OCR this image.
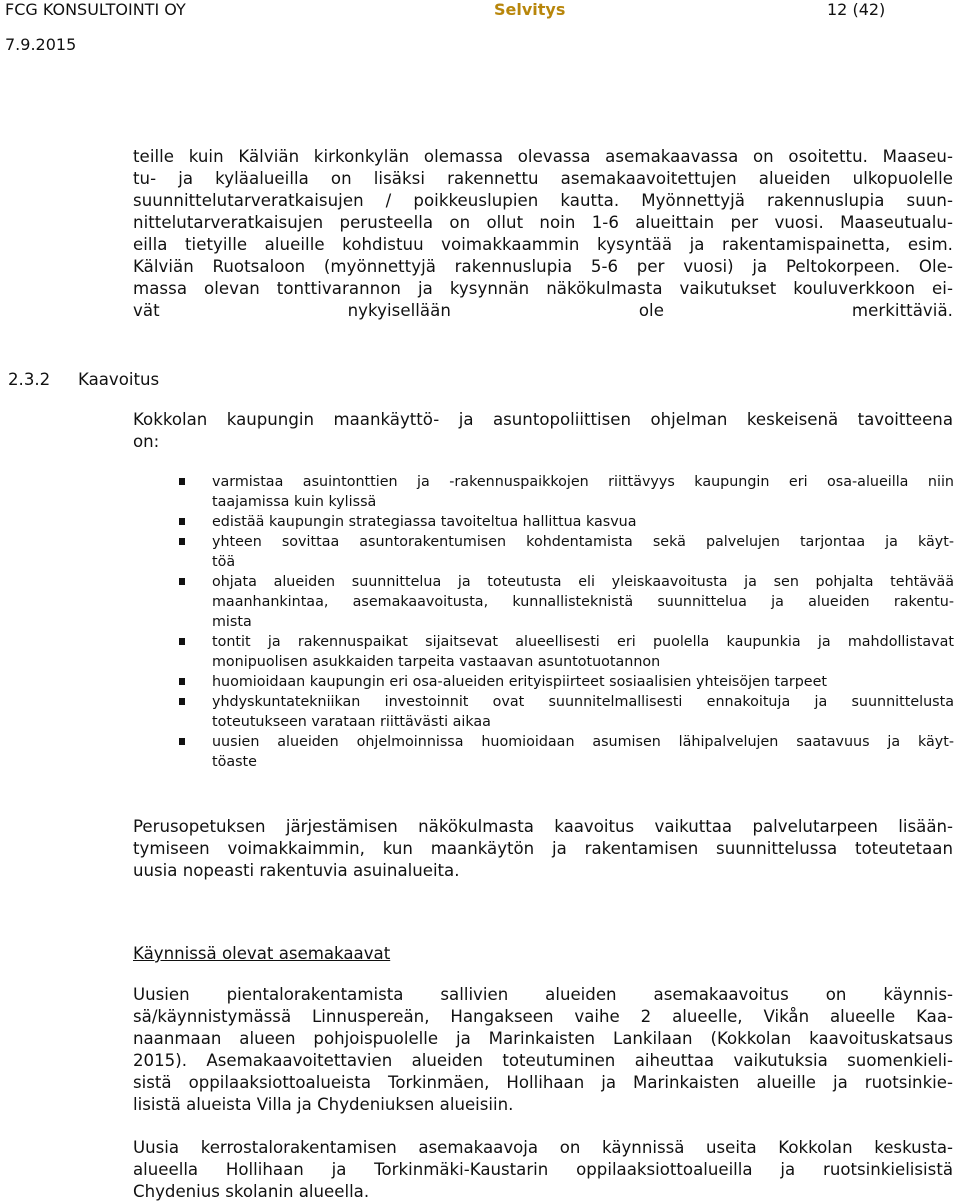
FCG KONSULTOINTI OY	Selvitys	12 (42)
7.9.2015
teille kuin Kälviän kirkonkylän olemassa olevassa asemakaavassa on osoitettu. Maaseu-
tu- ja kyläalueilla on lisäksi rakennettu asemakaavoitettujen alueiden ulkopuolelle
suunnittelutarveratkaisujen / poikkeuslupien kautta. Myönnettyjä rakennuslupia suun-
nittelutarveratkaisujen perusteella on ollut noin 1-6 alueittain per vuosi. Maaseutualu-
eilla tietyille alueille kohdistuu voimakkaammin kysyntää ja rakentamispainetta, esim.
Kälviän Ruotsaloon (myönnettyjä rakennuslupia 5-6 per vuosi) ja Peltokorpeen. Ole-
massa olevan tonttivarannon ja kysynnän näkökulmasta vaikutukset kouluverkkoon ei-
vät nykyisellään ole merkittäviä.
2.3.2 Kaavoitus
Kokkolan kaupungin maankäyttö- ja asuntopoliittisen ohjelman keskeisenä tavoitteena
on:
varmistaa asuintonttien ja -rakennuspaikkojen riittävyys kaupungin eri osa-alueilla niin
taajamissa kuin kylissä
edistää kaupungin strategiassa tavoiteltua hallittua kasvua
yhteen sovittaa asuntorakentumisen kohdentamista sekä palvelujen tarjontaa ja käyt-
töä
ohjata alueiden suunnittelua ja toteutusta eli yleiskaavoitusta ja sen pohjalta tehtävää
maanhankintaa, asemakaavoitusta, kunnallisteknistä suunnittelua ja alueiden rakentu-
mista
tontit ja rakennuspaikat sijaitsevat alueellisesti eri puolella kaupunkia ja mahdollistavat
monipuolisen asukkaiden tarpeita vastaavan asuntotuotannon
huomioidaan kaupungin eri osa-alueiden erityispiirteet sosiaalisien yhteisöjen tarpeet
yhdyskuntatekniikan investoinnit ovat suunnitelmallisesti ennakoituja ja suunnittelusta
toteutukseen varataan riittävästi aikaa
uusien alueiden ohjelmoinnissa huomioidaan asumisen lähipalvelujen saatavuus ja käyt-
töaste
Perusopetuksen järjestämisen näkökulmasta kaavoitus vaikuttaa palvelutarpeen lisään-
tymiseen voimakkaimmin, kun maankäytön ja rakentamisen suunnittelussa toteutetaan
uusia nopeasti rakentuvia asuinalueita.
Käynnissä olevat asemakaavat
Uusien pientalorakentamista sallivien alueiden asemakaavoitus on käynnis-
sä/käynnistymässä Linnuspereän, Hangakseen vaihe 2 alueelle, Vikån alueelle Kaa-
naanmaan alueen pohjoispuolelle ja Marinkaisten Lankilaan (Kokkolan kaavoituskatsaus
2015). Asemakaavoitettavien alueiden toteutuminen aiheuttaa vaikutuksia suomenkieli-
sistä oppilaaksiottoalueista Torkinmäen, Hollihaan ja Marinkaisten alueille ja ruotsinkie-
lisistä alueista Villa ja Chydeniuksen alueisiin.
Uusia kerrostalorakentamisen asemakaavoja on käynnissä useita Kokkolan keskusta-
alueella Hollihaan ja Torkinmäki-Kaustarin oppilaaksiottoalueilla ja ruotsinkielisistä
Chydenius skolanin alueella.
